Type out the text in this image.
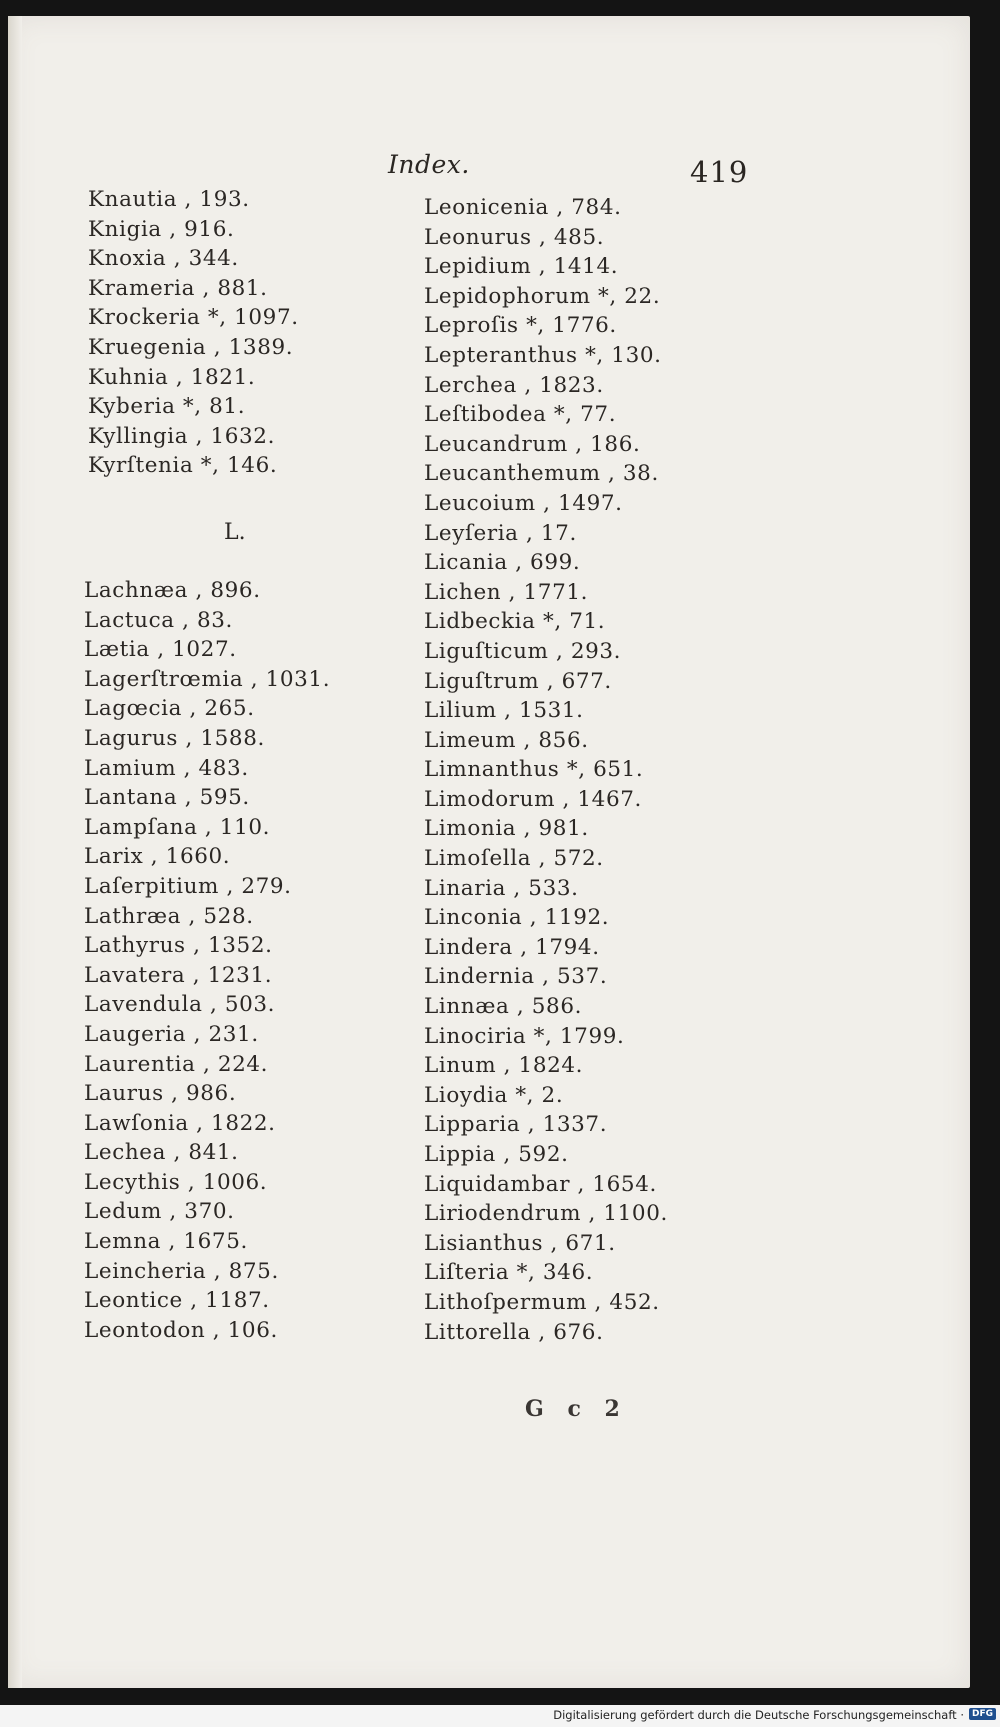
Index.	419
Knautia , 193.
Knigia , 916.
Knoxia , 344.
Krameria , 881.
Krockeria *, 1097.
Kruegenia , 1389.
Kuhnia , 1821.
Kyberia *, 81.
Kyllingia , 1632.
Kyrſtenia *, 146.
L.
Lachnæa , 896.
Lactuca , 83.
Lætia , 1027.
Lagerſtrœmia , 1031.
Lagœcia , 265.
Lagurus , 1588.
Lamium , 483.
Lantana , 595.
Lampſana , 110.
Larix , 1660.
Laſerpitium , 279.
Lathræa , 528.
Lathyrus , 1352.
Lavatera , 1231.
Lavendula , 503.
Laugeria , 231.
Laurentia , 224.
Laurus , 986.
Lawſonia , 1822.
Lechea , 841.
Lecythis , 1006.
Ledum , 370.
Lemna , 1675.
Leincheria , 875.
Leontice , 1187.
Leontodon , 106.
Leonicenia , 784.
Leonurus , 485.
Lepidium , 1414.
Lepidophorum *, 22.
Leproſis *, 1776.
Lepteranthus *, 130.
Lerchea , 1823.
Leſtibodea *, 77.
Leucandrum , 186.
Leucanthemum , 38.
Leucoium , 1497.
Leyſeria , 17.
Licania , 699.
Lichen , 1771.
Lidbeckia *, 71.
Liguſticum , 293.
Liguſtrum , 677.
Lilium , 1531.
Limeum , 856.
Limnanthus *, 651.
Limodorum , 1467.
Limonia , 981.
Limoſella , 572.
Linaria , 533.
Linconia , 1192.
Lindera , 1794.
Lindernia , 537.
Linnæa , 586.
Linociria *, 1799.
Linum , 1824.
Lioydia *, 2.
Lipparia , 1337.
Lippia , 592.
Liquidambar , 1654.
Liriodendrum , 1100.
Lisianthus , 671.
Liſteria *, 346.
Lithoſpermum , 452.
Littorella , 676.
G c 2
Digitalisierung gefördert durch die Deutsche Forschungsgemeinschaft · DFG
